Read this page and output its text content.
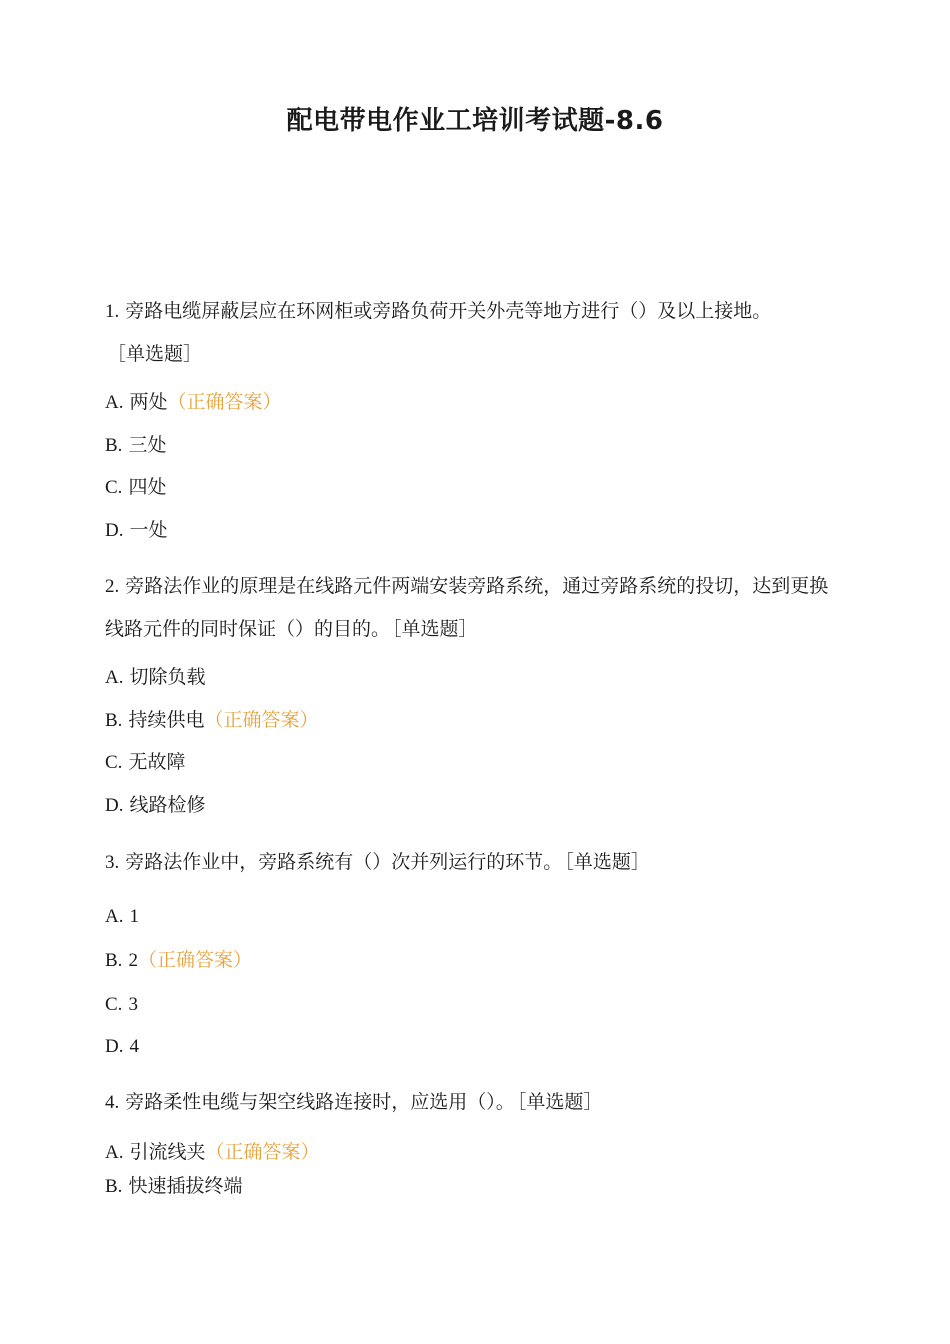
配电带电作业工培训考试题-8.6
1. 旁路电缆屏蔽层应在环网柜或旁路负荷开关外壳等地方进行（）及以上接地。
［单选题］
A. 两处（正确答案）
B. 三处
C. 四处
D. 一处
2. 旁路法作业的原理是在线路元件两端安装旁路系统，通过旁路系统的投切，达到更换线路元件的同时保证（）的目的。 ［单选题］
A. 切除负载
B. 持续供电（正确答案）
C. 无故障
D. 线路检修
3. 旁路法作业中，旁路系统有（）次并列运行的环节。 ［单选题］
A. 1
B. 2（正确答案）
C. 3
D. 4
4. 旁路柔性电缆与架空线路连接时，应选用（）。 ［单选题］
A. 引流线夹（正确答案）
B. 快速插拔终端
